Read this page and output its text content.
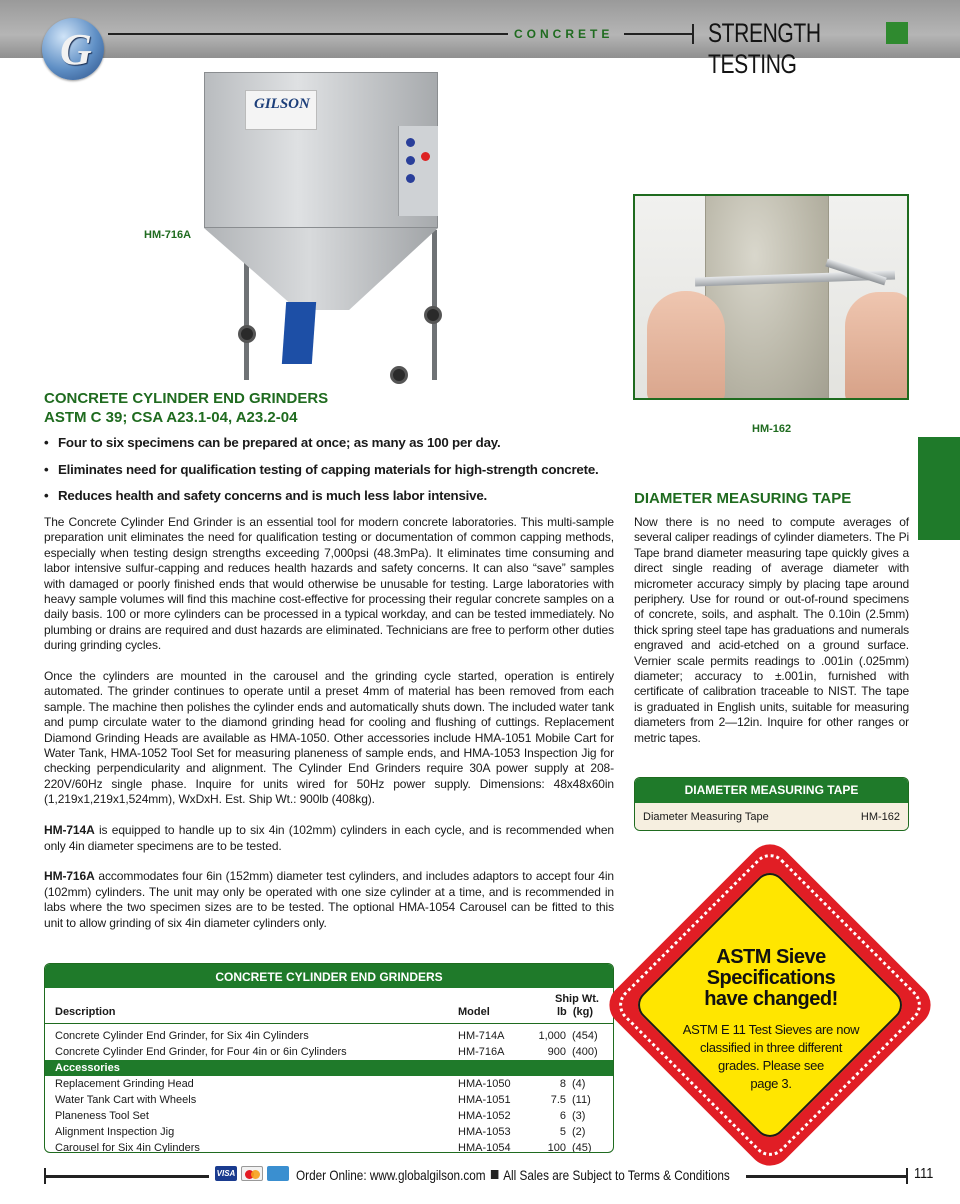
CONCRETE	STRENGTH TESTING
G
GILSON
HM-716A
HM-162
CONCRETE CYLINDER END GRINDERS
ASTM C 39; CSA A23.1-04, A23.2-04
• Four to six specimens can be prepared at once; as many as 100 per day.
• Eliminates need for qualification testing of capping materials for high-strength concrete.
• Reduces health and safety concerns and is much less labor intensive.

The Concrete Cylinder End Grinder is an essential tool for modern concrete laboratories. This multi-sample preparation unit eliminates the need for qualification testing or documentation of common capping methods, especially when testing design strengths exceeding 7,000psi (48.3mPa). It eliminates time consuming and labor intensive sulfur-capping and reduces health hazards and safety concerns. It can also “save” samples with damaged or poorly finished ends that would otherwise be unusable for testing. Large laboratories with heavy sample volumes will find this machine cost-effective for processing their regular concrete samples on a daily basis. 100 or more cylinders can be processed in a typical workday, and can be tested immediately. No plumbing or drains are required and dust hazards are eliminated. Technicians are free to perform other duties during grinding cycles.

Once the cylinders are mounted in the carousel and the grinding cycle started, operation is entirely automated. The grinder continues to operate until a preset 4mm of material has been removed from each sample. The machine then polishes the cylinder ends and automatically shuts down. The included water tank and pump circulate water to the diamond grinding head for cooling and flushing of cuttings. Replacement Diamond Grinding Heads are available as HMA-1050. Other accessories include HMA-1051 Mobile Cart for Water Tank, HMA-1052 Tool Set for measuring planeness of sample ends, and HMA-1053 Inspection Jig for checking perpendicularity and alignment. The Cylinder End Grinders require 30A power supply at 208-220V/60Hz single phase. Inquire for units wired for 50Hz power supply. Dimensions: 48x48x60in (1,219x1,219x1,524mm), WxDxH. Est. Ship Wt.: 900lb (408kg).

HM-714A is equipped to handle up to six 4in (102mm) cylinders in each cycle, and is recommended when only 4in diameter specimens are to be tested.

HM-716A accommodates four 6in (152mm) diameter test cylinders, and includes adaptors to accept four 4in (102mm) cylinders. The unit may only be operated with one size cylinder at a time, and is recommended in labs where the two specimen sizes are to be tested. The optional HMA-1054 Carousel can be fitted to this unit to allow grinding of six 4in diameter cylinders only.

DIAMETER MEASURING TAPE
Now there is no need to compute averages of several caliper readings of cylinder diameters. The Pi Tape brand diameter measuring tape quickly gives a direct single reading of average diameter with micrometer accuracy simply by placing tape around periphery. Use for round or out-of-round specimens of concrete, soils, and asphalt. The 0.10in (2.5mm) thick spring steel tape has graduations and numerals engraved and acid-etched on a ground surface. Vernier scale permits readings to .001in (.025mm) diameter; accuracy to ±.001in, furnished with certificate of calibration traceable to NIST. The tape is graduated in English units, suitable for measuring diameters from 2—12in. Inquire for other ranges or metric tapes.
DIAMETER MEASURING TAPE
Diameter Measuring Tape	HM-162
CONCRETE CYLINDER END GRINDERS
Description	Model
Ship Wt.
lb  (kg)
Concrete Cylinder End Grinder, for Six 4in Cylinders	HM-714A	1,000 (454)
Concrete Cylinder End Grinder, for Four 4in or 6in Cylinders	HM-716A	900 (400)
Accessories
Replacement Grinding Head	HMA-1050	8 (4)
Water Tank Cart with Wheels	HMA-1051	7.5 (11)
Planeness Tool Set	HMA-1052	6 (3)
Alignment Inspection Jig	HMA-1053	5 (2)
Carousel for Six 4in Cylinders	HMA-1054	100 (45)
ASTM Sieve
Specifications
have changed!
ASTM E 11 Test Sieves are now
classified in three different
grades. Please see
page 3.
VISA	Order Online: www.globalgilson.com All Sales are Subject to Terms & Conditions	111
